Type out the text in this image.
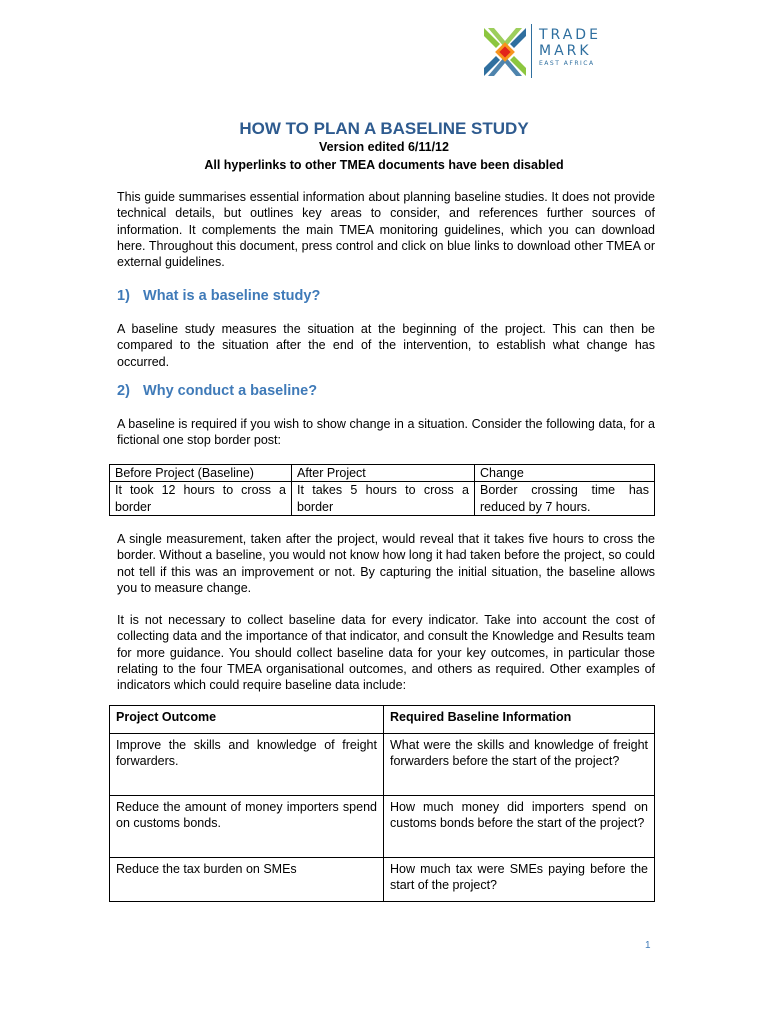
TRADE
MARK
EAST AFRICA
HOW TO PLAN A BASELINE STUDY
Version edited 6/11/12
All hyperlinks to other TMEA documents have been disabled

This guide summarises essential information about planning baseline studies. It does not provide technical details, but outlines key areas to consider, and references further sources of information. It complements the main TMEA monitoring guidelines, which you can download here. Throughout this document, press control and click on blue links to download other TMEA or external guidelines.

1) What is a baseline study?

A baseline study measures the situation at the beginning of the project. This can then be compared to the situation after the end of the intervention, to establish what change has occurred.

2) Why conduct a baseline?

A baseline is required if you wish to show change in a situation. Consider the following data, for a fictional one stop border post:

Before Project (Baseline)	After Project	Change
It took 12 hours to cross a border	It takes 5 hours to cross a border	Border crossing time has reduced by 7 hours.

A single measurement, taken after the project, would reveal that it takes five hours to cross the border. Without a baseline, you would not know how long it had taken before the project, so could not tell if this was an improvement or not. By capturing the initial situation, the baseline allows you to measure change.

It is not necessary to collect baseline data for every indicator. Take into account the cost of collecting data and the importance of that indicator, and consult the Knowledge and Results team for more guidance. You should collect baseline data for your key outcomes, in particular those relating to the four TMEA organisational outcomes, and others as required. Other examples of indicators which could require baseline data include:

Project Outcome	Required Baseline Information
Improve the skills and knowledge of freight forwarders.	What were the skills and knowledge of freight forwarders before the start of the project?
Reduce the amount of money importers spend on customs bonds.	How much money did importers spend on customs bonds before the start of the project?
Reduce the tax burden on SMEs	How much tax were SMEs paying before the start of the project?
1
